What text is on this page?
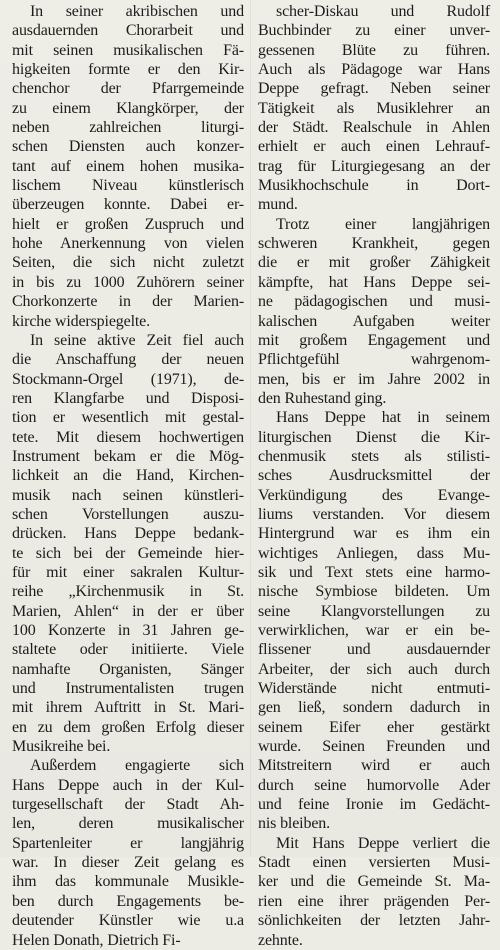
In seiner akribischen und
ausdauernden Chorarbeit und
mit seinen musikalischen Fä-
higkeiten formte er den Kir-
chenchor der Pfarrgemeinde
zu einem Klangkörper, der
neben zahlreichen liturgi-
schen Diensten auch konzer-
tant auf einem hohen musika-
lischem Niveau künstlerisch
überzeugen konnte. Dabei er-
hielt er großen Zuspruch und
hohe Anerkennung von vielen
Seiten, die sich nicht zuletzt
in bis zu 1000 Zuhörern seiner
Chorkonzerte in der Marien-
kirche widerspiegelte.
In seine aktive Zeit fiel auch
die Anschaffung der neuen
Stockmann-Orgel (1971), de-
ren Klangfarbe und Disposi-
tion er wesentlich mit gestal-
tete. Mit diesem hochwertigen
Instrument bekam er die Mög-
lichkeit an die Hand, Kirchen-
musik nach seinen künstleri-
schen Vorstellungen auszu-
drücken. Hans Deppe bedank-
te sich bei der Gemeinde hier-
für mit einer sakralen Kultur-
reihe „Kirchenmusik in St.
Marien, Ahlen“ in der er über
100 Konzerte in 31 Jahren ge-
staltete oder initiierte. Viele
namhafte Organisten, Sänger
und Instrumentalisten trugen
mit ihrem Auftritt in St. Mari-
en zu dem großen Erfolg dieser
Musikreihe bei.
Außerdem engagierte sich
Hans Deppe auch in der Kul-
turgesellschaft der Stadt Ah-
len, deren musikalischer
Spartenleiter er langjährig
war. In dieser Zeit gelang es
ihm das kommunale Musikle-
ben durch Engagements be-
deutender Künstler wie u.a
Helen Donath, Dietrich Fi-
scher-Diskau und Rudolf
Buchbinder zu einer unver-
gessenen Blüte zu führen.
Auch als Pädagoge war Hans
Deppe gefragt. Neben seiner
Tätigkeit als Musiklehrer an
der Städt. Realschule in Ahlen
erhielt er auch einen Lehrauf-
trag für Liturgiegesang an der
Musikhochschule in Dort-
mund.
Trotz einer langjährigen
schweren Krankheit, gegen
die er mit großer Zähigkeit
kämpfte, hat Hans Deppe sei-
ne pädagogischen und musi-
kalischen Aufgaben weiter
mit großem Engagement und
Pflichtgefühl wahrgenom-
men, bis er im Jahre 2002 in
den Ruhestand ging.
Hans Deppe hat in seinem
liturgischen Dienst die Kir-
chenmusik stets als stilisti-
sches Ausdrucksmittel der
Verkündigung des Evange-
liums verstanden. Vor diesem
Hintergrund war es ihm ein
wichtiges Anliegen, dass Mu-
sik und Text stets eine harmo-
nische Symbiose bildeten. Um
seine Klangvorstellungen zu
verwirklichen, war er ein be-
flissener und ausdauernder
Arbeiter, der sich auch durch
Widerstände nicht entmuti-
gen ließ, sondern dadurch in
seinem Eifer eher gestärkt
wurde. Seinen Freunden und
Mitstreitern wird er auch
durch seine humorvolle Ader
und feine Ironie im Gedächt-
nis bleiben.
Mit Hans Deppe verliert die
Stadt einen versierten Musi-
ker und die Gemeinde St. Ma-
rien eine ihrer prägenden Per-
sönlichkeiten der letzten Jahr-
zehnte.
